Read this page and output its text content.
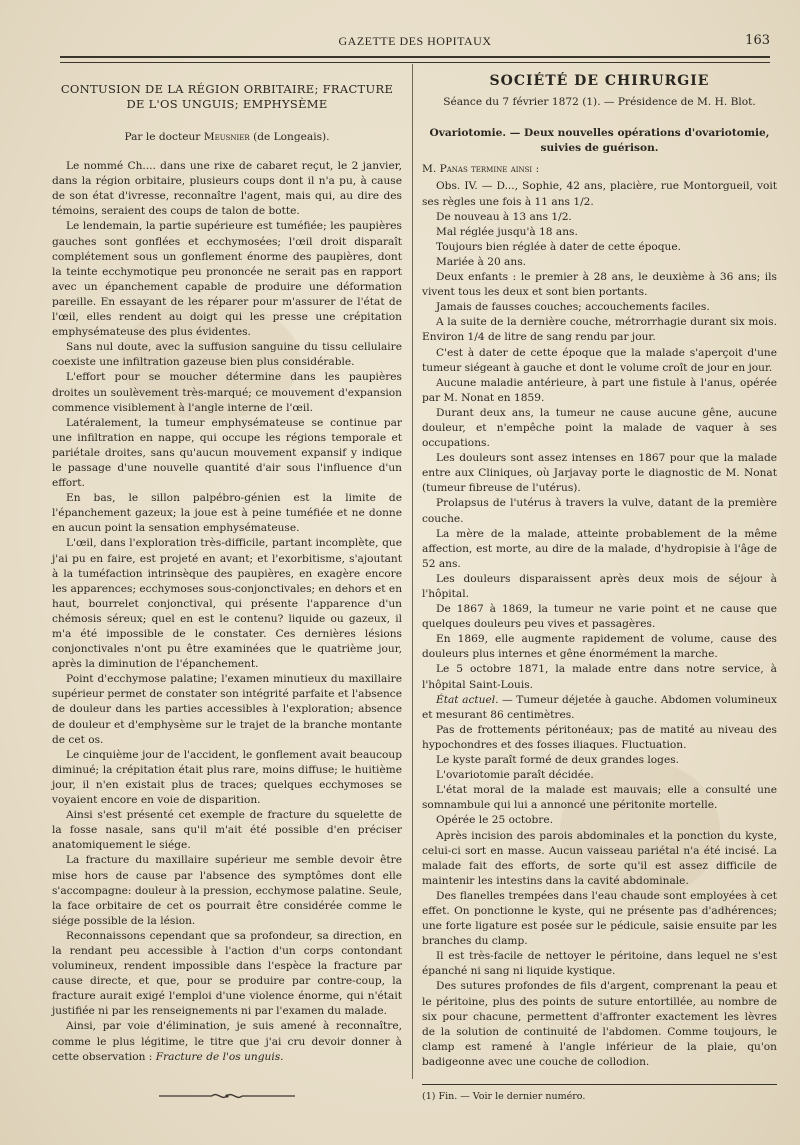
GAZETTE DES HOPITAUX	163
CONTUSION DE LA RÉGION ORBITAIRE; FRACTURE
DE L'OS UNGUIS; EMPHYSÈME

Par le docteur Meusnier (de Longeais).

Le nommé Ch.... dans une rixe de cabaret reçut, le 2 janvier, dans la région orbitaire, plusieurs coups dont il n'a pu, à cause de son état d'ivresse, reconnaître l'agent, mais qui, au dire des témoins, seraient des coups de talon de botte.

Le lendemain, la partie supérieure est tuméfiée; les paupières gauches sont gonflées et ecchymosées; l'œil droit disparaît complétement sous un gonflement énorme des paupières, dont la teinte ecchymotique peu prononcée ne serait pas en rapport avec un épanchement capable de produire une déformation pareille. En essayant de les réparer pour m'assurer de l'état de l'œil, elles rendent au doigt qui les presse une crépitation emphysémateuse des plus évidentes.

Sans nul doute, avec la suffusion sanguine du tissu cellulaire coexiste une infiltration gazeuse bien plus considérable.

L'effort pour se moucher détermine dans les paupières droites un soulèvement très-marqué; ce mouvement d'expansion commence visiblement à l'angle interne de l'œil.

Latéralement, la tumeur emphysémateuse se continue par une infiltration en nappe, qui occupe les régions temporale et pariétale droites, sans qu'aucun mouvement expansif y indique le passage d'une nouvelle quantité d'air sous l'influence d'un effort.

En bas, le sillon palpébro-génien est la limite de l'épanchement gazeux; la joue est à peine tuméfiée et ne donne en aucun point la sensation emphysémateuse.

L'œil, dans l'exploration très-difficile, partant incomplète, que j'ai pu en faire, est projeté en avant; et l'exorbitisme, s'ajoutant à la tuméfaction intrinsèque des paupières, en exagère encore les apparences; ecchymoses sous-conjonctivales; en dehors et en haut, bourrelet conjonctival, qui présente l'apparence d'un chémosis séreux; quel en est le contenu? liquide ou gazeux, il m'a été impossible de le constater. Ces dernières lésions conjonctivales n'ont pu être examinées que le quatrième jour, après la diminution de l'épanchement.

Point d'ecchymose palatine; l'examen minutieux du maxillaire supérieur permet de constater son intégrité parfaite et l'absence de douleur dans les parties accessibles à l'exploration; absence de douleur et d'emphysème sur le trajet de la branche montante de cet os.

Le cinquième jour de l'accident, le gonflement avait beaucoup diminué; la crépitation était plus rare, moins diffuse; le huitième jour, il n'en existait plus de traces; quelques ecchymoses se voyaient encore en voie de disparition.

Ainsi s'est présenté cet exemple de fracture du squelette de la fosse nasale, sans qu'il m'ait été possible d'en préciser anatomiquement le siége.

La fracture du maxillaire supérieur me semble devoir être mise hors de cause par l'absence des symptômes dont elle s'accompagne: douleur à la pression, ecchymose palatine. Seule, la face orbitaire de cet os pourrait être considérée comme le siége possible de la lésion.

Reconnaissons cependant que sa profondeur, sa direction, en la rendant peu accessible à l'action d'un corps contondant volumineux, rendent impossible dans l'espèce la fracture par cause directe, et que, pour se produire par contre-coup, la fracture aurait exigé l'emploi d'une violence énorme, qui n'était justifiée ni par les renseignements ni par l'examen du malade.

Ainsi, par voie d'élimination, je suis amené à reconnaître, comme le plus légitime, le titre que j'ai cru devoir donner à cette observation : Fracture de l'os unguis.

SOCIÉTÉ DE CHIRURGIE

Séance du 7 février 1872 (1). — Présidence de M. H. Blot.

Ovariotomie. — Deux nouvelles opérations d'ovariotomie, suivies de guérison.

M. Panas termine ainsi :

Obs. IV. — D..., Sophie, 42 ans, placière, rue Montorgueil, voit ses règles une fois à 11 ans 1/2.

De nouveau à 13 ans 1/2.

Mal réglée jusqu'à 18 ans.

Toujours bien réglée à dater de cette époque.

Mariée à 20 ans.

Deux enfants : le premier à 28 ans, le deuxième à 36 ans; ils vivent tous les deux et sont bien portants.

Jamais de fausses couches; accouchements faciles.

A la suite de la dernière couche, métrorrhagie durant six mois. Environ 1/4 de litre de sang rendu par jour.

C'est à dater de cette époque que la malade s'aperçoit d'une tumeur siégeant à gauche et dont le volume croît de jour en jour.

Aucune maladie antérieure, à part une fistule à l'anus, opérée par M. Nonat en 1859.

Durant deux ans, la tumeur ne cause aucune gêne, aucune douleur, et n'empêche point la malade de vaquer à ses occupations.

Les douleurs sont assez intenses en 1867 pour que la malade entre aux Cliniques, où Jarjavay porte le diagnostic de M. Nonat (tumeur fibreuse de l'utérus).

Prolapsus de l'utérus à travers la vulve, datant de la première couche.

La mère de la malade, atteinte probablement de la même affection, est morte, au dire de la malade, d'hydropisie à l'âge de 52 ans.

Les douleurs disparaissent après deux mois de séjour à l'hôpital.

De 1867 à 1869, la tumeur ne varie point et ne cause que quelques douleurs peu vives et passagères.

En 1869, elle augmente rapidement de volume, cause des douleurs plus internes et gêne énormément la marche.

Le 5 octobre 1871, la malade entre dans notre service, à l'hôpital Saint-Louis.

État actuel. — Tumeur déjetée à gauche. Abdomen volumineux et mesurant 86 centimètres.

Pas de frottements péritonéaux; pas de matité au niveau des hypochondres et des fosses iliaques. Fluctuation.

Le kyste paraît formé de deux grandes loges.

L'ovariotomie paraît décidée.

L'état moral de la malade est mauvais; elle a consulté une somnambule qui lui a annoncé une péritonite mortelle.

Opérée le 25 octobre.

Après incision des parois abdominales et la ponction du kyste, celui-ci sort en masse. Aucun vaisseau pariétal n'a été incisé. La malade fait des efforts, de sorte qu'il est assez difficile de maintenir les intestins dans la cavité abdominale.

Des flanelles trempées dans l'eau chaude sont employées à cet effet. On ponctionne le kyste, qui ne présente pas d'adhérences; une forte ligature est posée sur le pédicule, saisie ensuite par les branches du clamp.

Il est très-facile de nettoyer le péritoine, dans lequel ne s'est épanché ni sang ni liquide kystique.

Des sutures profondes de fils d'argent, comprenant la peau et le péritoine, plus des points de suture entortillée, au nombre de six pour chacune, permettent d'affronter exactement les lèvres de la solution de continuité de l'abdomen. Comme toujours, le clamp est ramené à l'angle inférieur de la plaie, qu'on badigeonne avec une couche de collodion.

(1) Fin. — Voir le dernier numéro.
